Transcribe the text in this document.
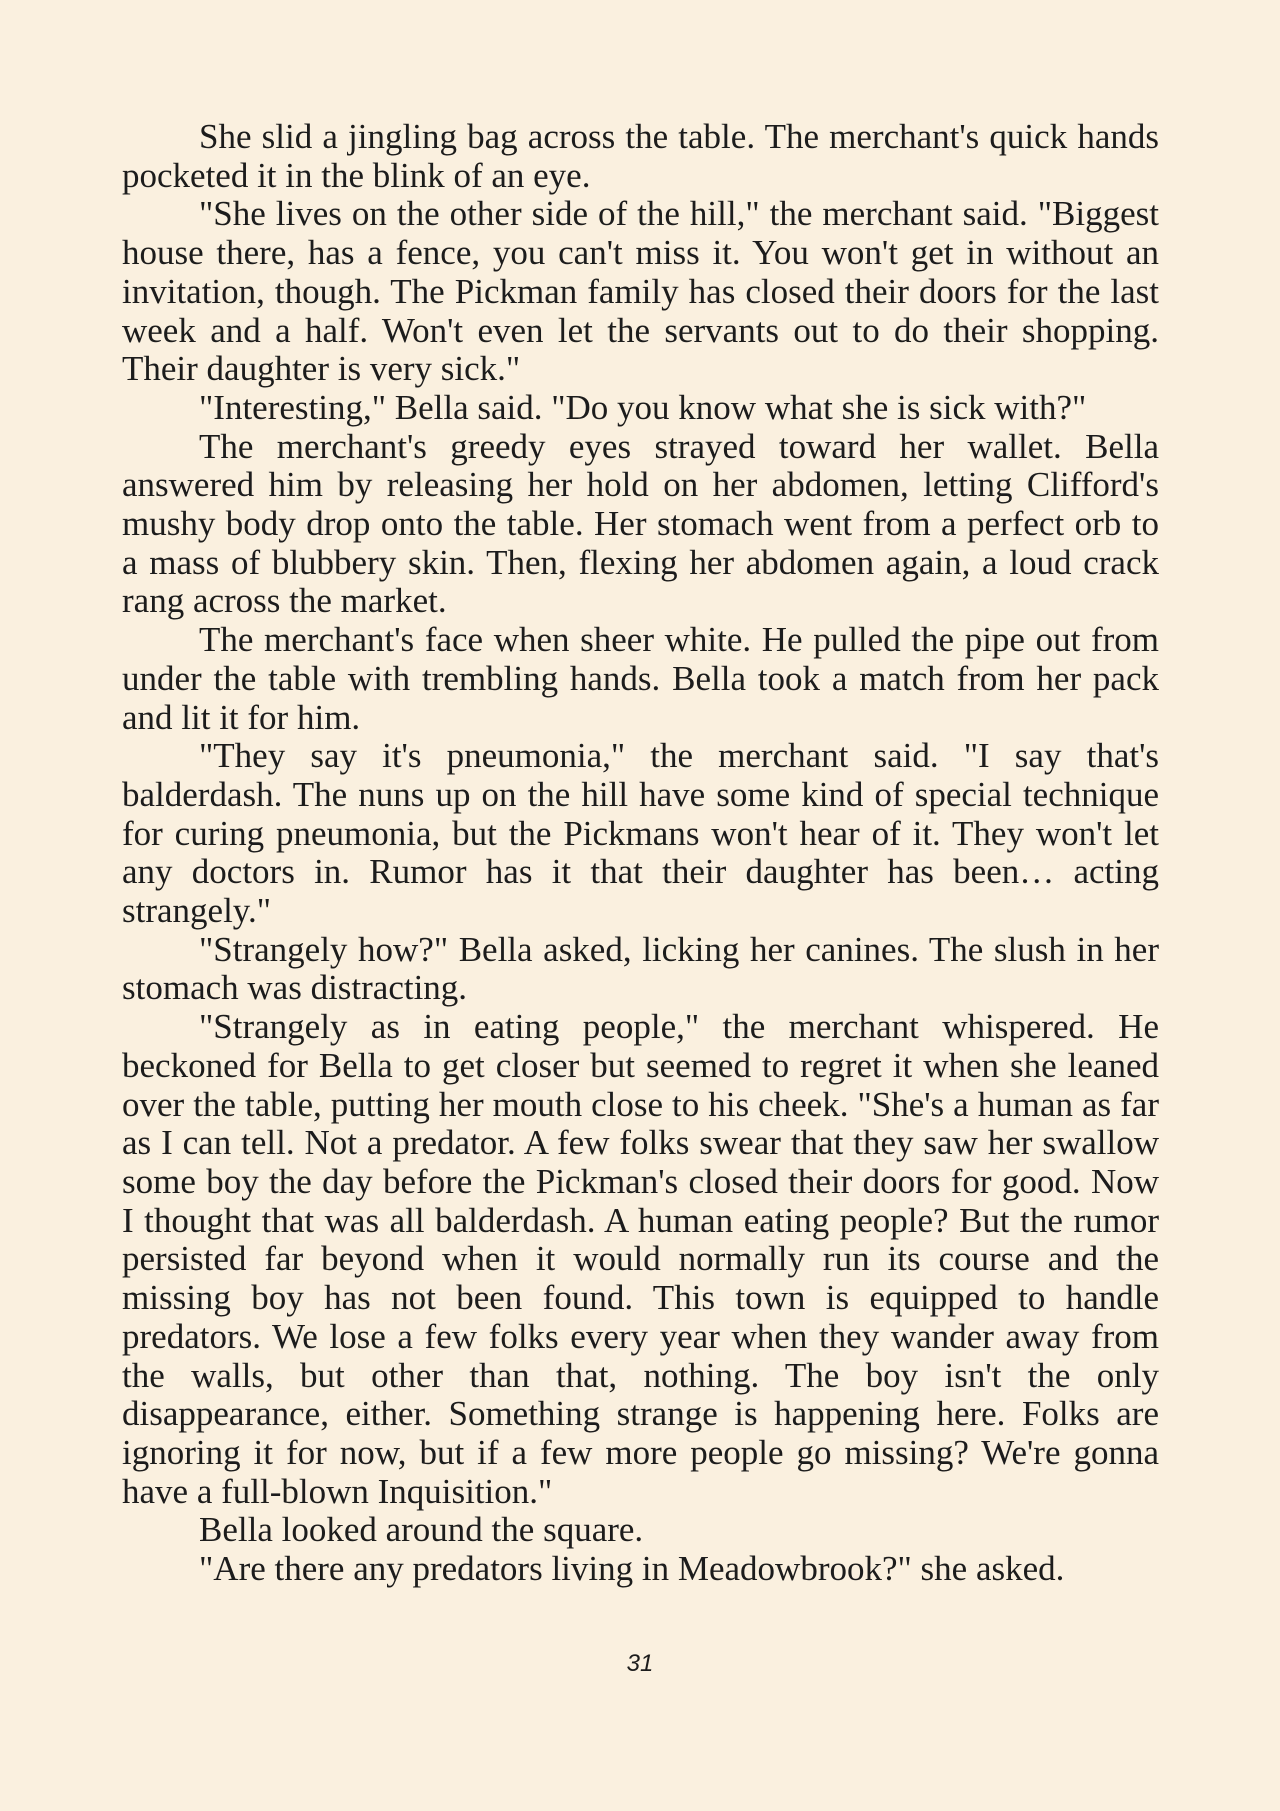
She slid a jingling bag across the table. The merchant's quick hands pocketed it in the blink of an eye.

"She lives on the other side of the hill," the merchant said. "Biggest house there, has a fence, you can't miss it. You won't get in without an invitation, though. The Pickman family has closed their doors for the last week and a half. Won't even let the servants out to do their shopping. Their daughter is very sick."

"Interesting," Bella said. "Do you know what she is sick with?"

The merchant's greedy eyes strayed toward her wallet. Bella answered him by releasing her hold on her abdomen, letting Clifford's mushy body drop onto the table. Her stomach went from a perfect orb to a mass of blubbery skin. Then, flexing her abdomen again, a loud crack rang across the market.

The merchant's face when sheer white. He pulled the pipe out from under the table with trembling hands. Bella took a match from her pack and lit it for him.

"They say it's pneumonia," the merchant said. "I say that's balderdash. The nuns up on the hill have some kind of special technique for curing pneumonia, but the Pickmans won't hear of it. They won't let any doctors in. Rumor has it that their daughter has been… acting strangely."

"Strangely how?" Bella asked, licking her canines. The slush in her stomach was distracting.

"Strangely as in eating people," the merchant whispered. He beckoned for Bella to get closer but seemed to regret it when she leaned over the table, putting her mouth close to his cheek. "She's a human as far as I can tell. Not a predator. A few folks swear that they saw her swallow some boy the day before the Pickman's closed their doors for good. Now I thought that was all balderdash. A human eating people? But the rumor persisted far beyond when it would normally run its course and the missing boy has not been found. This town is equipped to handle predators. We lose a few folks every year when they wander away from the walls, but other than that, nothing. The boy isn't the only disappearance, either. Something strange is happening here. Folks are ignoring it for now, but if a few more people go missing? We're gonna have a full-blown Inquisition."

Bella looked around the square.

"Are there any predators living in Meadowbrook?" she asked.

31
